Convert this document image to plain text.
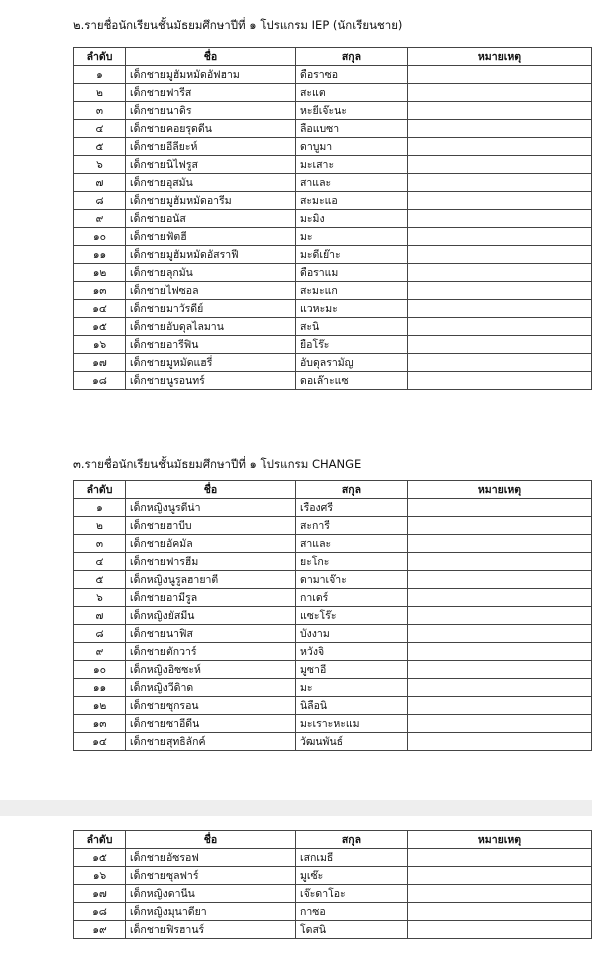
๒.รายชื่อนักเรียนชั้นมัธยมศึกษาปีที่ ๑ โปรแกรม IEP (นักเรียนชาย)
ลำดับ	ชื่อ	สกุล	หมายเหตุ
๑	เด็กชายมูฮัมหมัดอัฟฮาม	ดือราซอ	
๒	เด็กชายฟารีส	สะแต	
๓	เด็กชายนาดิร	หะยีเจ๊ะนะ	
๔	เด็กชายคอยรุดดีน	ลือแบซา	
๕	เด็กชายอีลียะห์	ดาบูมา	
๖	เด็กชายนิไฟรูส	มะเสาะ	
๗	เด็กชายอุสมัน	สาและ	
๘	เด็กชายมูฮัมหมัดอารีม	สะมะแอ	
๙	เด็กชายอนัส	มะมิง	
๑๐	เด็กชายฟัตฮี	มะ	
๑๑	เด็กชายมูฮัมหมัดอัสราฟี	มะดีเย๊าะ	
๑๒	เด็กชายลุกมัน	ดือราแม	
๑๓	เด็กชายไฟซอล	สะมะแก	
๑๔	เด็กชายมาวัรดีย์	แวหะมะ	
๑๕	เด็กชายอับดุลไลมาน	สะนิ	
๑๖	เด็กชายอารีฟิน	ยือโร๊ะ	
๑๗	เด็กชายมูหมัดแฮรี่	อับดุลรามัญ	
๑๘	เด็กชายนูรอนทร์	ดอเล๊าะแซ	
๓.รายชื่อนักเรียนชั้นมัธยมศึกษาปีที่ ๑ โปรแกรม CHANGE
ลำดับ	ชื่อ	สกุล	หมายเหตุ
๑	เด็กหญิงนูรดีน่า	เรืองศรี	
๒	เด็กชายฮาบีบ	สะการี	
๓	เด็กชายอัคมัล	สาและ	
๔	เด็กชายฟารฮีม	ยะโกะ	
๕	เด็กหญิงนูรูลฮายาตี	ดามาเจ๊าะ	
๖	เด็กชายอามีรูล	กาเดร์	
๗	เด็กหญิงยัสมีน	แซะโร๊ะ	
๘	เด็กชายนาฟิส	บังงาม	
๙	เด็กชายตักวาร์	หวังจิ	
๑๐	เด็กหญิงอิซซะห์	มูซาอี	
๑๑	เด็กหญิงวีดิาด	มะ	
๑๒	เด็กชายซุกรอน	นิลือนิ	
๑๓	เด็กชายซาอีดีน	มะเราะหะแม	
๑๔	เด็กชายสุทธิลักค์	วัฒนพันธ์	
ลำดับ	ชื่อ	สกุล	หมายเหตุ
๑๕	เด็กชายอัซรอฟ	เสกเมธี	
๑๖	เด็กชายซุลฟาร์	มูเซ๊ะ	
๑๗	เด็กหญิงดานีน	เจ๊ะดาโอะ	
๑๘	เด็กหญิงมุนาดียา	กาซอ	
๑๙	เด็กชายฟิรฮานร์	โดสนิ	
